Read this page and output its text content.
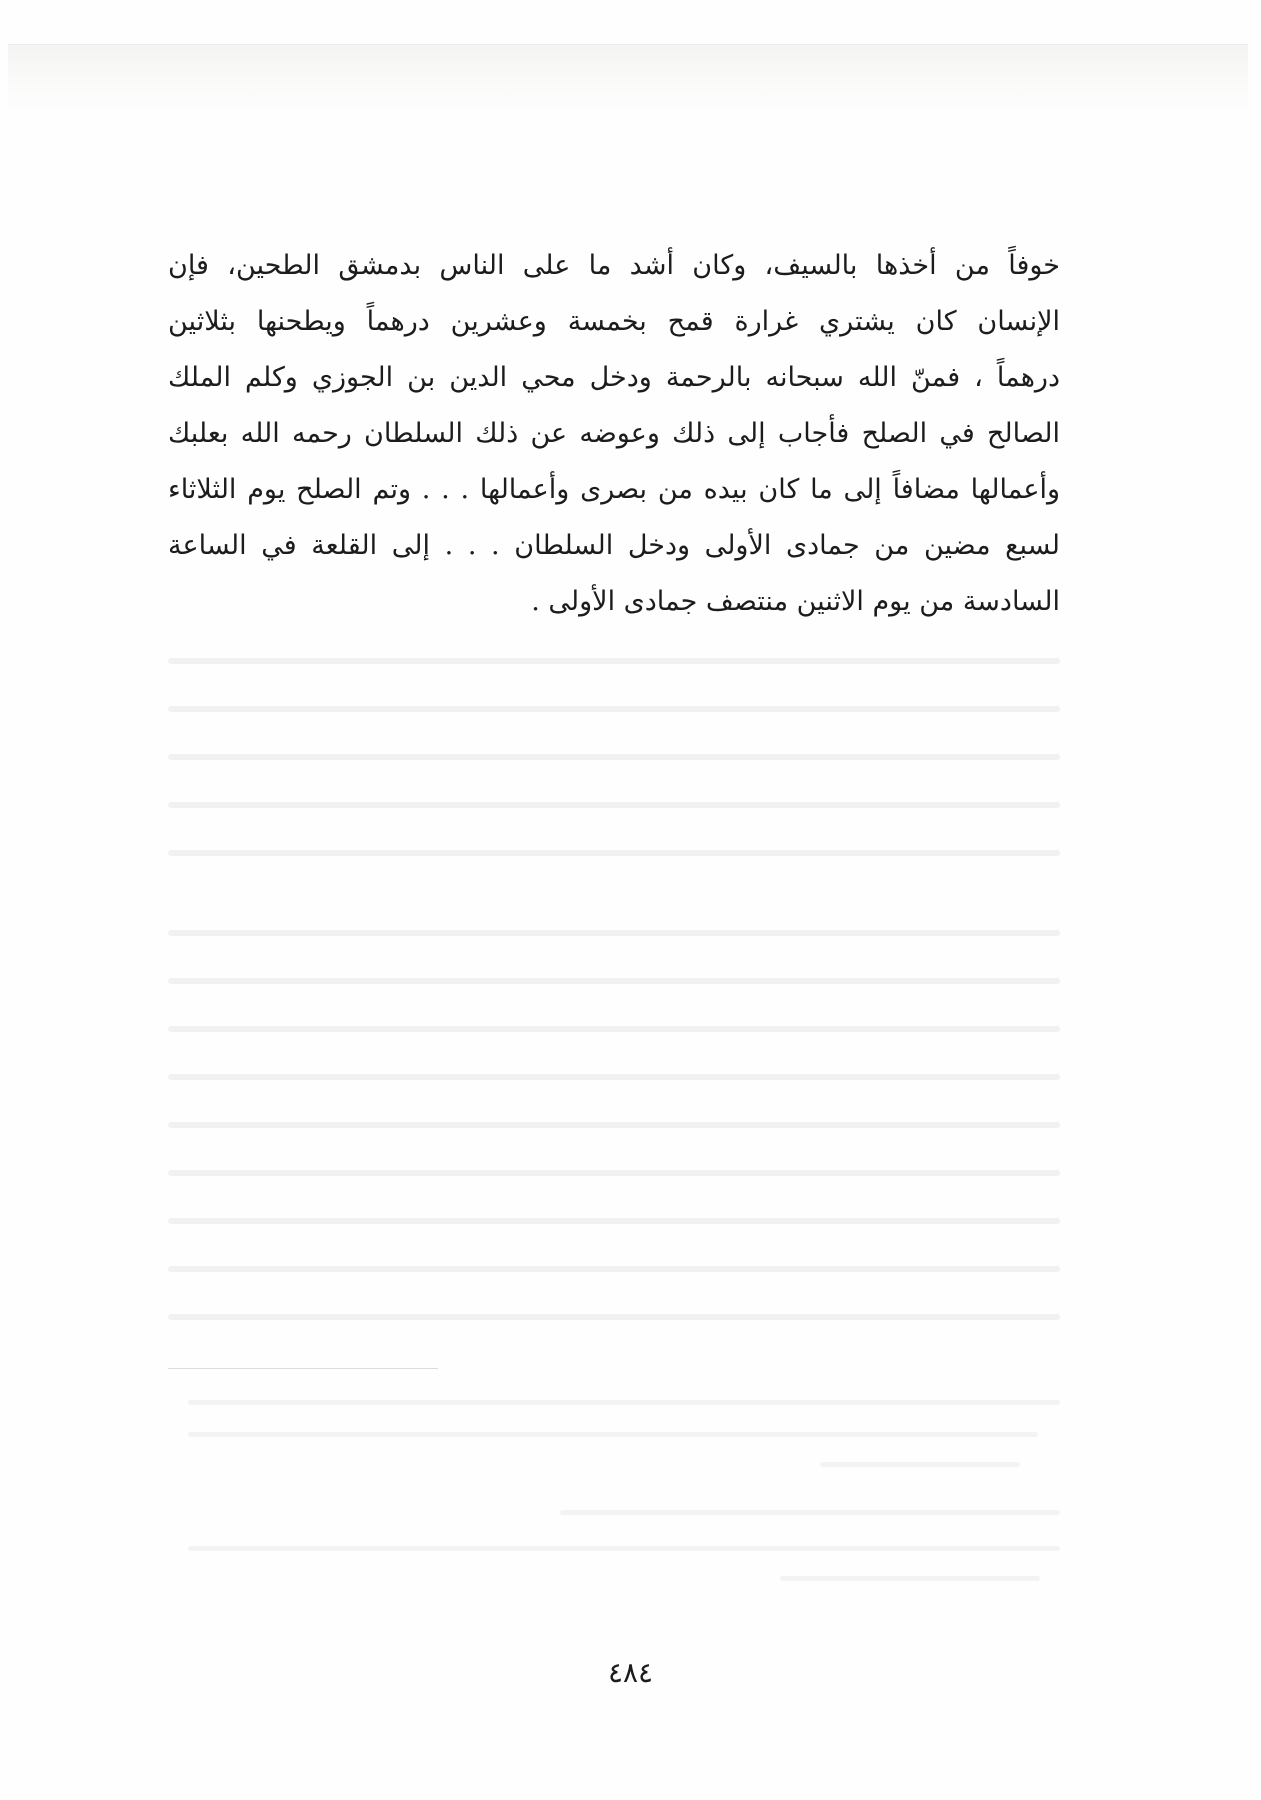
خوفاً من أخذها بالسيف، وكان أشد ما على الناس بدمشق الطحين، فإن
الإنسان كان يشتري غرارة قمح بخمسة وعشرين درهماً ويطحنها بثلاثين
درهماً ، فمنّ الله سبحانه بالرحمة ودخل محي الدين بن الجوزي وكلم الملك
الصالح في الصلح فأجاب إلى ذلك وعوضه عن ذلك السلطان رحمه الله بعلبك
وأعمالها مضافاً إلى ما كان بيده من بصرى وأعمالها . . . وتم الصلح يوم الثلاثاء
لسبع مضين من جمادى الأولى ودخل السلطان . . . إلى القلعة في الساعة
السادسة من يوم الاثنين منتصف جمادى الأولى .
٤٨٤
